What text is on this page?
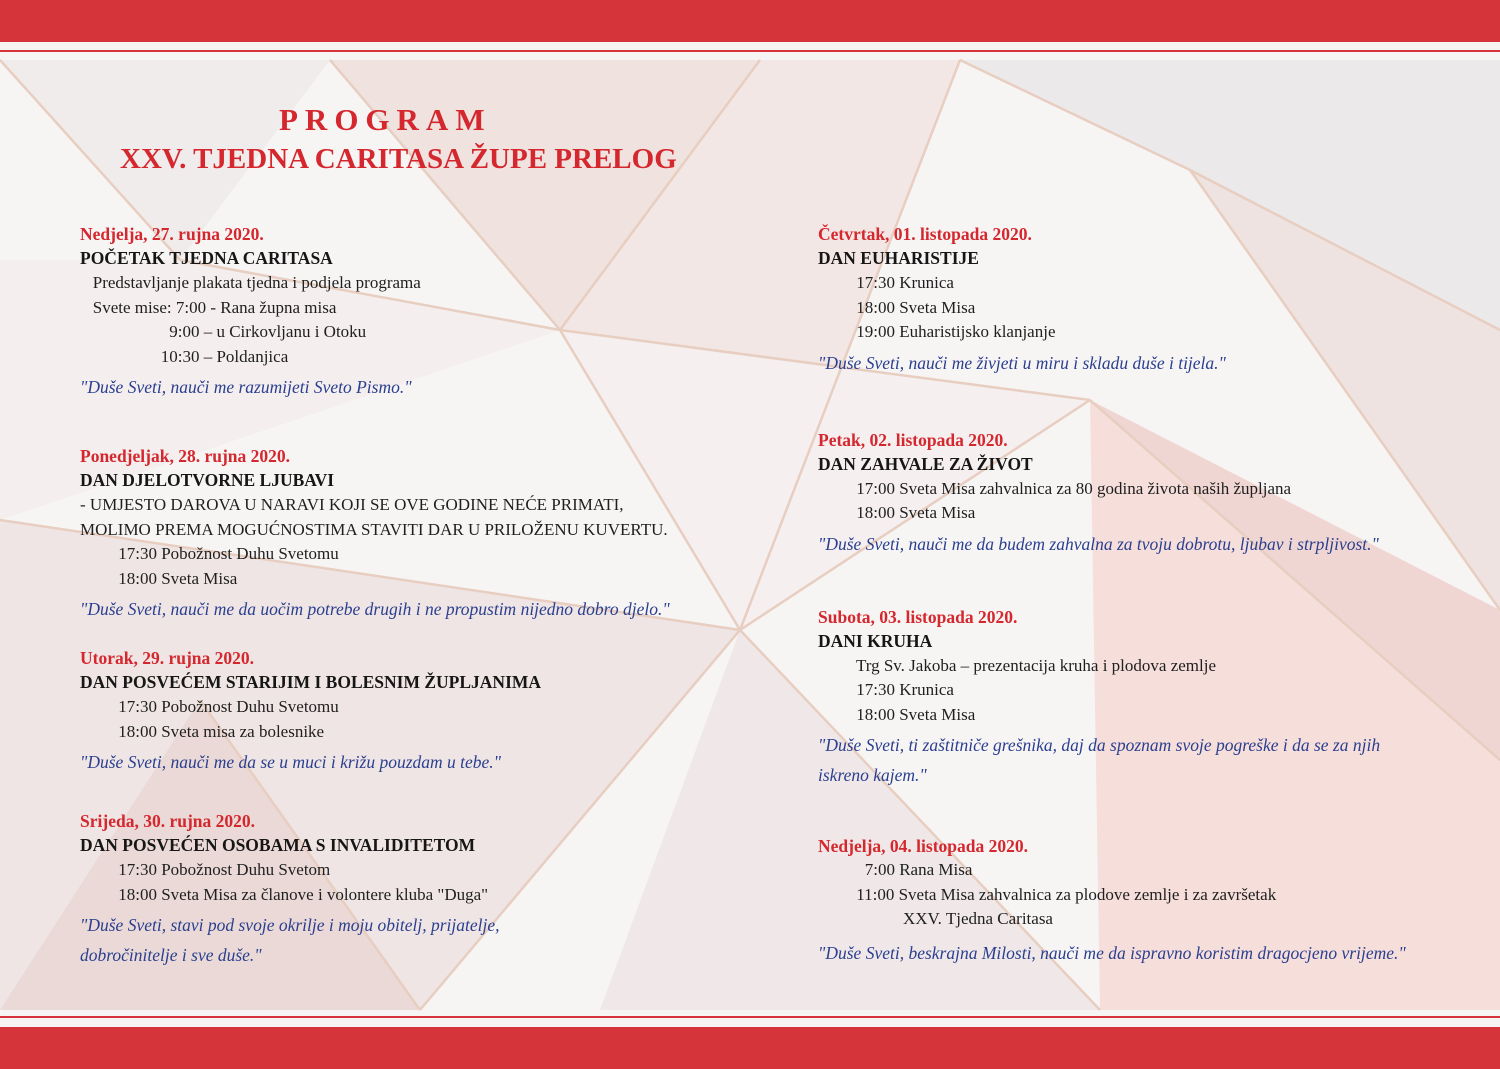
PROGRAM
XXV. TJEDNA CARITASA ŽUPE PRELOG
Nedjelja, 27. rujna 2020.
POČETAK TJEDNA CARITASA
Predstavljanje plakata tjedna i podjela programa
Svete mise: 7:00 - Rana župna misa
9:00 – u Cirkovljanu i Otoku
10:30 – Poldanjica
"Duše Sveti, nauči me razumijeti Sveto Pismo."
Ponedjeljak, 28. rujna 2020.
DAN DJELOTVORNE LJUBAVI
- UMJESTO DAROVA U NARAVI KOJI SE OVE GODINE NEĆE PRIMATI,
MOLIMO PREMA MOGUĆNOSTIMA STAVITI DAR U PRILOŽENU KUVERTU.
17:30 Pobožnost Duhu Svetomu
18:00 Sveta Misa
"Duše Sveti, nauči me da uočim potrebe drugih i ne propustim nijedno dobro djelo."
Utorak, 29. rujna 2020.
DAN POSVEĆEM STARIJIM I BOLESNIM ŽUPLJANIMA
17:30 Pobožnost Duhu Svetomu
18:00 Sveta misa za bolesnike
"Duše Sveti, nauči me da se u muci i križu pouzdam u tebe."
Srijeda, 30. rujna 2020.
DAN POSVEĆEN OSOBAMA S INVALIDITETOM
17:30 Pobožnost Duhu Svetom
18:00 Sveta Misa za članove i volontere kluba "Duga"
"Duše Sveti, stavi pod svoje okrilje i moju obitelj, prijatelje, dobročinitelje i sve duše."
Četvrtak, 01. listopada 2020.
DAN EUHARISTIJE
17:30 Krunica
18:00 Sveta Misa
19:00 Euharistijsko klanjanje
"Duše Sveti, nauči me živjeti u miru i skladu duše i tijela."
Petak, 02. listopada 2020.
DAN ZAHVALE ZA ŽIVOT
17:00 Sveta Misa zahvalnica za 80 godina života naših župljana
18:00 Sveta Misa
"Duše Sveti, nauči me da budem zahvalna za tvoju dobrotu, ljubav i strpljivost."
Subota, 03. listopada 2020.
DANI KRUHA
Trg Sv. Jakoba – prezentacija kruha i plodova zemlje
17:30 Krunica
18:00 Sveta Misa
"Duše Sveti, ti zaštitniče grešnika, daj da spoznam svoje pogreške i da se za njih iskreno kajem."
Nedjelja, 04. listopada 2020.
7:00 Rana Misa
11:00 Sveta Misa zahvalnica za plodove zemlje i za završetak
XXV. Tjedna Caritasa
"Duše Sveti, beskrajna Milosti, nauči me da ispravno koristim dragocjeno vrijeme."
